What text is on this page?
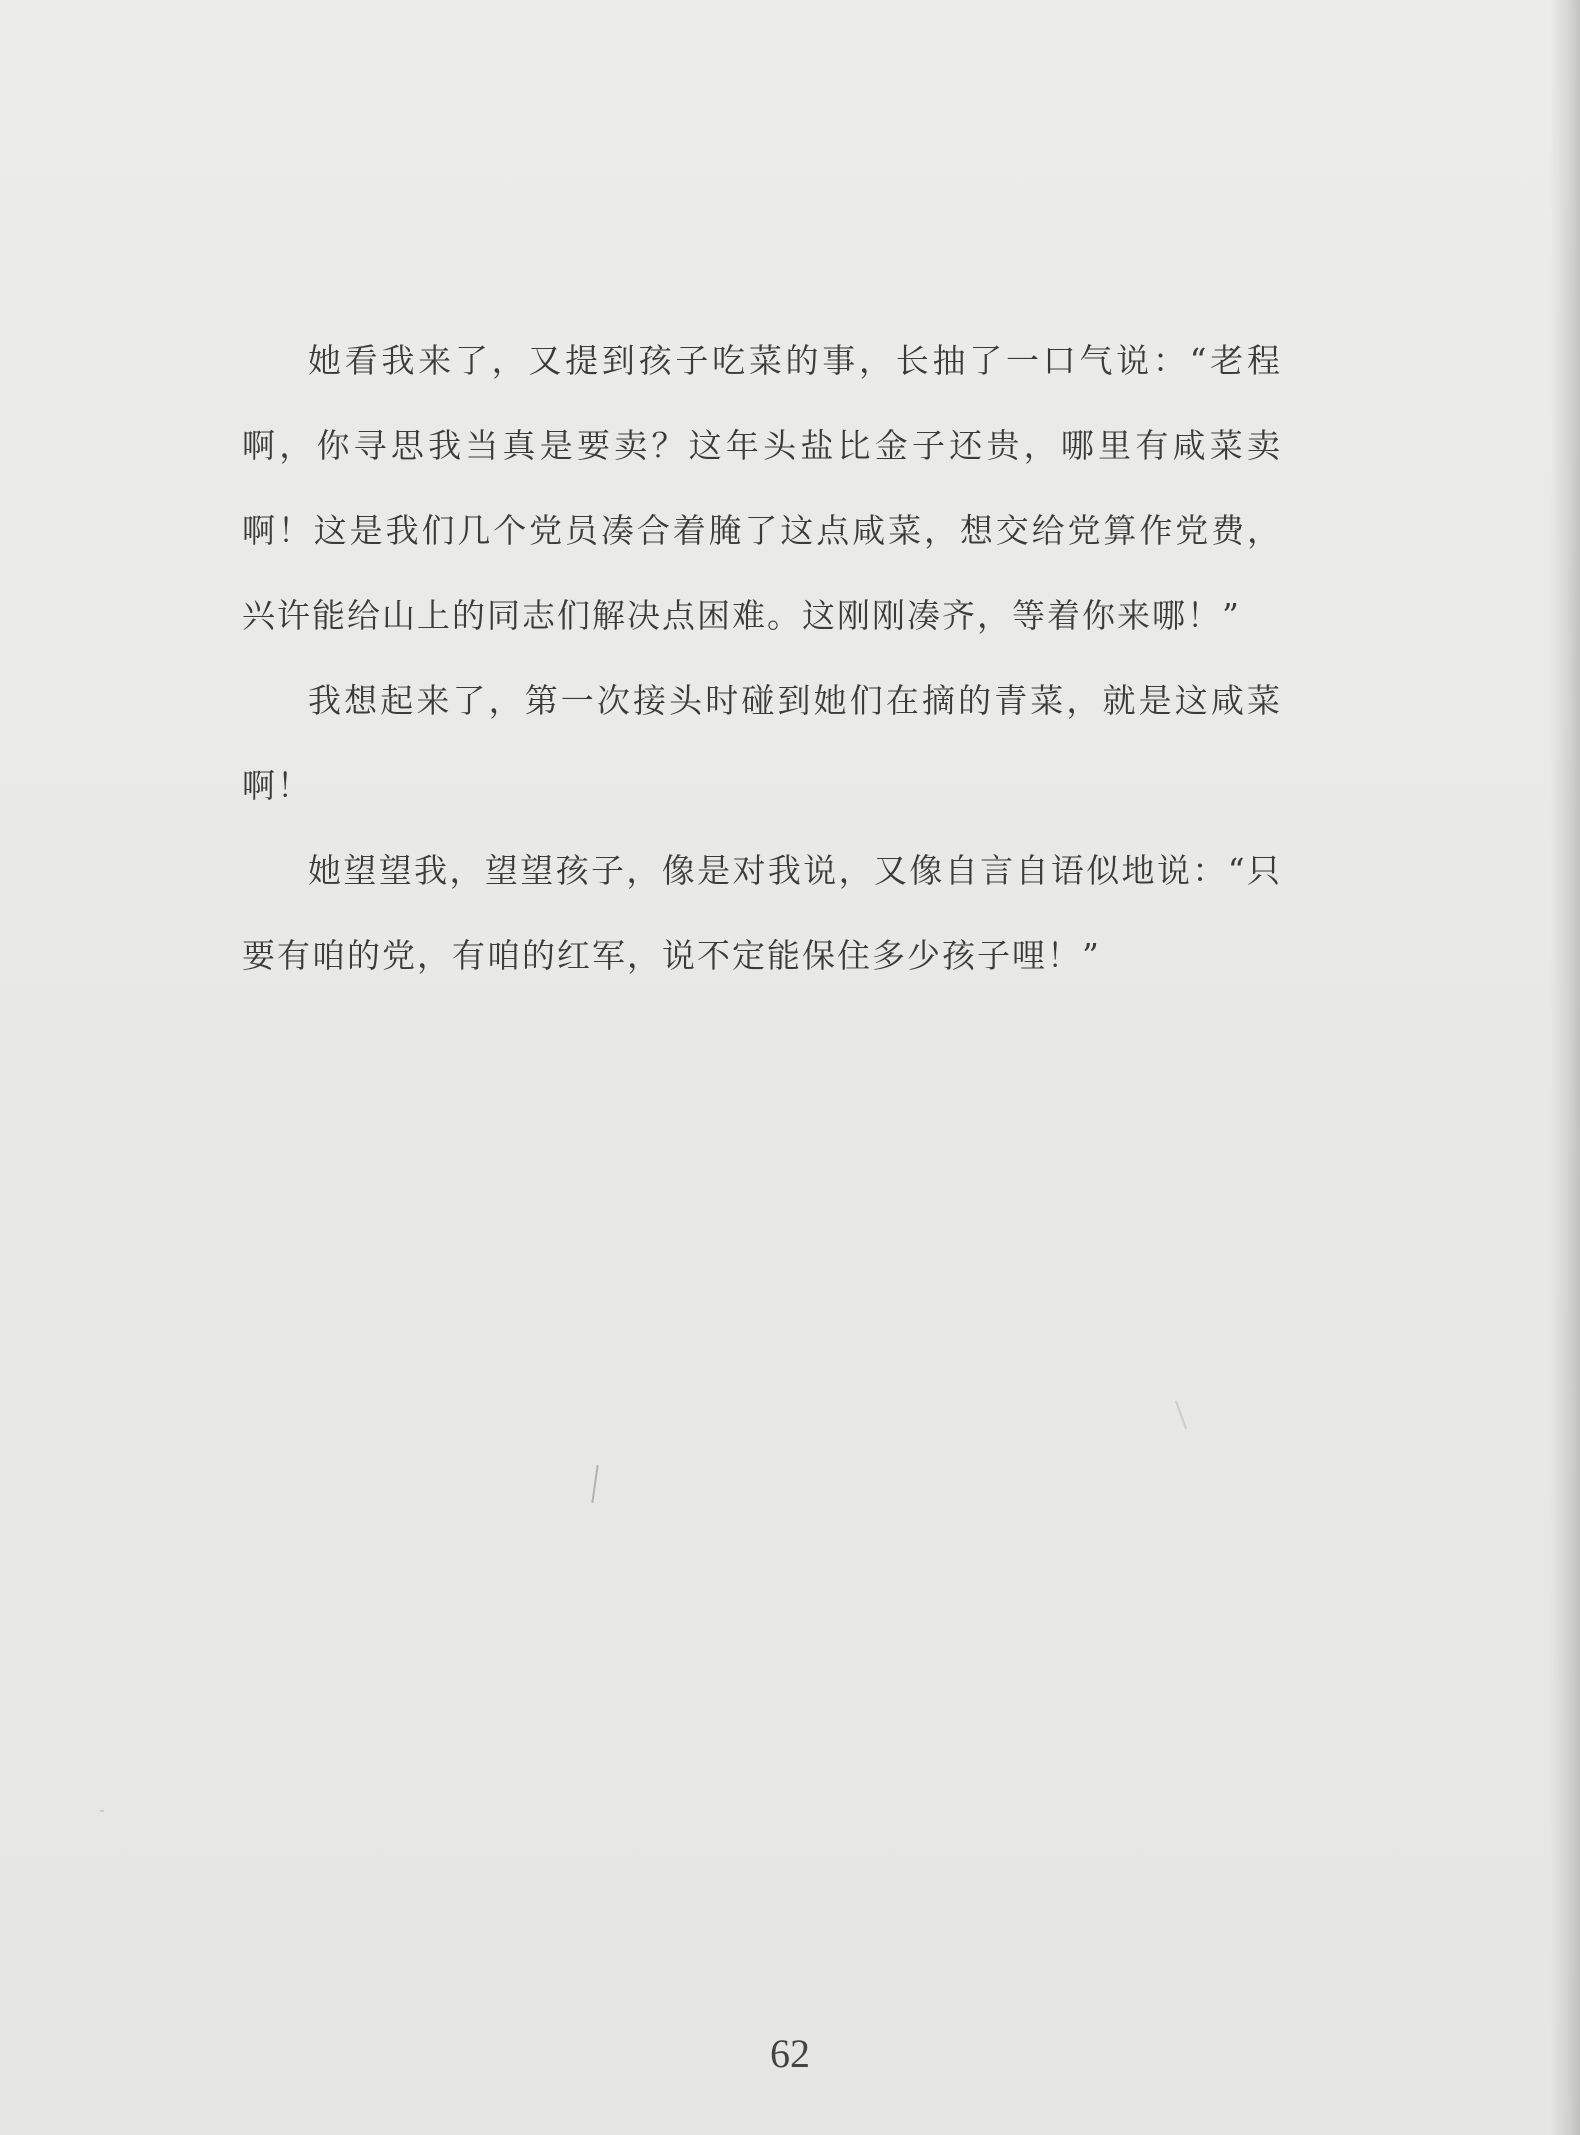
她看我来了，又提到孩子吃菜的事，长抽了一口气说：“老程啊，你寻思我当真是要卖？这年头盐比金子还贵，哪里有咸菜卖啊！这是我们几个党员凑合着腌了这点咸菜，想交给党算作党费，兴许能给山上的同志们解决点困难。这刚刚凑齐，等着你来哪！”

我想起来了，第一次接头时碰到她们在摘的青菜，就是这咸菜啊！

她望望我，望望孩子，像是对我说，又像自言自语似地说：“只要有咱的党，有咱的红军，说不定能保住多少孩子哩！”

62
